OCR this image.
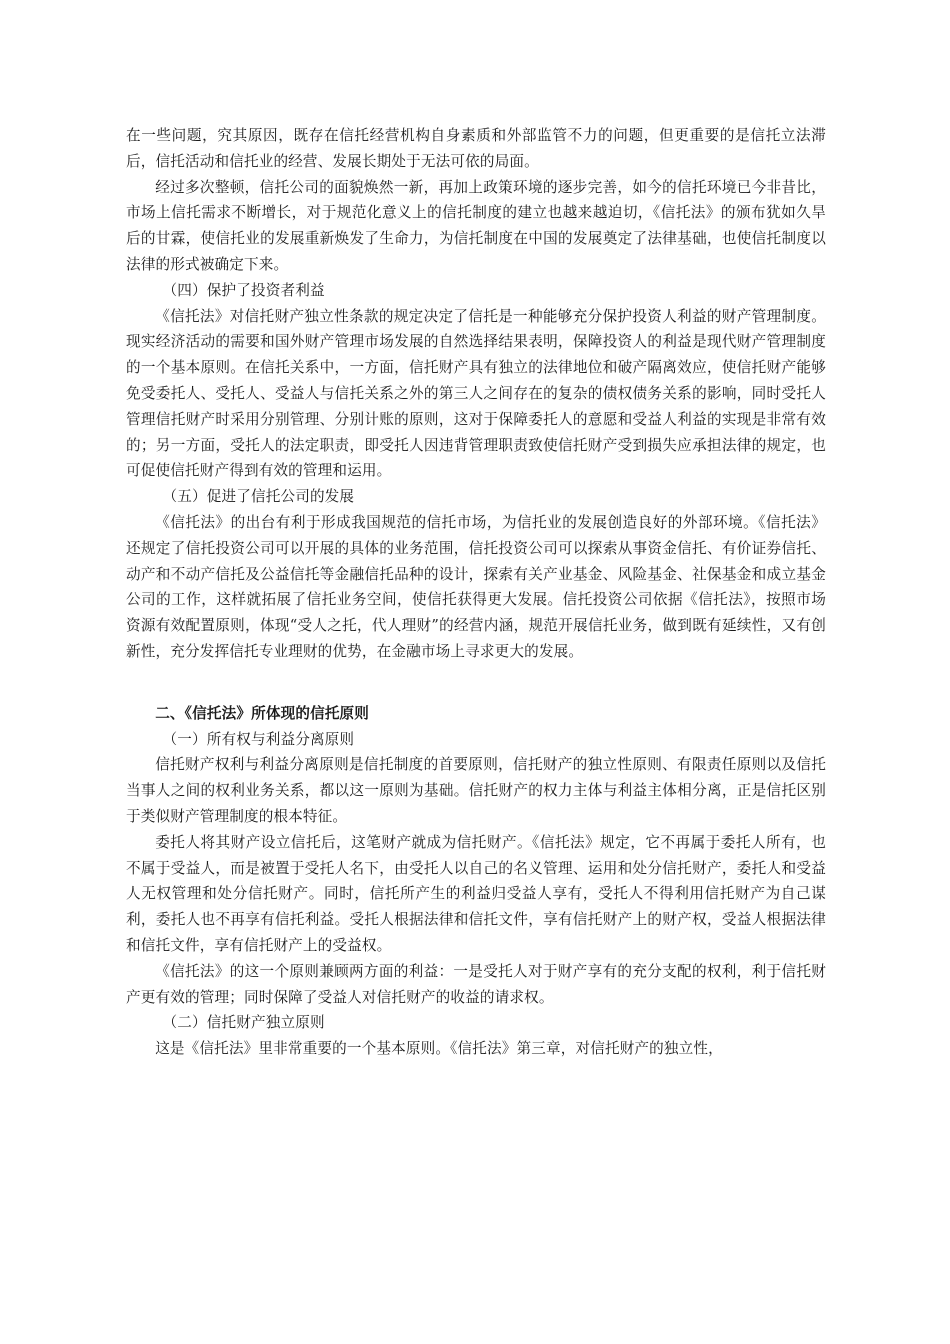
在一些问题，究其原因，既存在信托经营机构自身素质和外部监管不力的问题，但更重要的是信托立法滞后，信托活动和信托业的经营、发展长期处于无法可依的局面。

经过多次整顿，信托公司的面貌焕然一新，再加上政策环境的逐步完善，如今的信托环境已今非昔比，市场上信托需求不断增长，对于规范化意义上的信托制度的建立也越来越迫切，《信托法》的颁布犹如久旱后的甘霖，使信托业的发展重新焕发了生命力，为信托制度在中国的发展奠定了法律基础，也使信托制度以法律的形式被确定下来。

（四）保护了投资者利益

《信托法》对信托财产独立性条款的规定决定了信托是一种能够充分保护投资人利益的财产管理制度。现实经济活动的需要和国外财产管理市场发展的自然选择结果表明，保障投资人的利益是现代财产管理制度的一个基本原则。在信托关系中，一方面，信托财产具有独立的法律地位和破产隔离效应，使信托财产能够免受委托人、受托人、受益人与信托关系之外的第三人之间存在的复杂的债权债务关系的影响，同时受托人管理信托财产时采用分别管理、分别计账的原则，这对于保障委托人的意愿和受益人利益的实现是非常有效的；另一方面，受托人的法定职责，即受托人因违背管理职责致使信托财产受到损失应承担法律的规定，也可促使信托财产得到有效的管理和运用。

（五）促进了信托公司的发展

《信托法》的出台有利于形成我国规范的信托市场，为信托业的发展创造良好的外部环境。《信托法》还规定了信托投资公司可以开展的具体的业务范围，信托投资公司可以探索从事资金信托、有价证券信托、动产和不动产信托及公益信托等金融信托品种的设计，探索有关产业基金、风险基金、社保基金和成立基金公司的工作，这样就拓展了信托业务空间，使信托获得更大发展。信托投资公司依据《信托法》，按照市场资源有效配置原则，体现“受人之托，代人理财”的经营内涵，规范开展信托业务，做到既有延续性，又有创新性，充分发挥信托专业理财的优势，在金融市场上寻求更大的发展。

二、《信托法》所体现的信托原则

（一）所有权与利益分离原则

信托财产权利与利益分离原则是信托制度的首要原则，信托财产的独立性原则、有限责任原则以及信托当事人之间的权利业务关系，都以这一原则为基础。信托财产的权力主体与利益主体相分离，正是信托区别于类似财产管理制度的根本特征。

委托人将其财产设立信托后，这笔财产就成为信托财产。《信托法》规定，它不再属于委托人所有，也不属于受益人，而是被置于受托人名下，由受托人以自己的名义管理、运用和处分信托财产，委托人和受益人无权管理和处分信托财产。同时，信托所产生的利益归受益人享有，受托人不得利用信托财产为自己谋利，委托人也不再享有信托利益。受托人根据法律和信托文件，享有信托财产上的财产权，受益人根据法律和信托文件，享有信托财产上的受益权。

《信托法》的这一个原则兼顾两方面的利益：一是受托人对于财产享有的充分支配的权利，利于信托财产更有效的管理；同时保障了受益人对信托财产的收益的请求权。

（二）信托财产独立原则

这是《信托法》里非常重要的一个基本原则。《信托法》第三章，对信托财产的独立性，
